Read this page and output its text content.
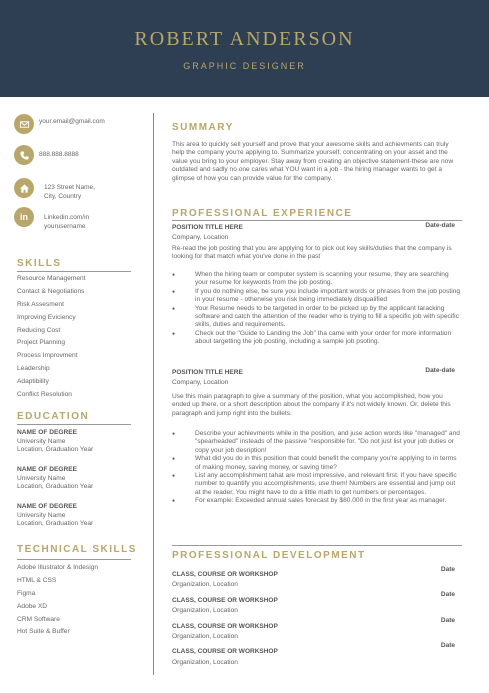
ROBERT ANDERSON
GRAPHIC DESIGNER
your.email@gmail.com
888.888.8888
123 Street Name,
City, Country
in Linkedin.com/in
yourusername
SKILLS
Resource Management
Contact & Negotiations
Risk Assesment
Improving Eviciency
Reducing Cost
Project Planning
Process Improvment
Leadership
Adaptibility
Conflict Resolution
EDUCATION
NAME OF DEGREE
University Name
Location, Graduation Year
NAME OF DEGREE
University Name
Location, Graduation Year
NAME OF DEGREE
University Name
Location, Graduation Year
TECHNICAL SKILLS
Adobe Illustrator & Indesign
HTML & CSS
Figma
Adobe XD
CRM Software
Hot Suite & Buffer
SUMMARY
This area to quickly sell yourself and prove that your awesome skills and achievments can truly help the company you're applying to. Summarize yourself, concentrating on your asset and the value you bring to your employer. Stay away from creating an objective statement-these are now outdated and sadly no one cares what YOU want in a job - the hiring manager wants to get a glimpse of how you can provide value for the company.
PROFESSIONAL EXPERIENCE
POSITION TITLE HERE	Date-date
Company, Location
Re-read the job posting that you are applying for to pick out key skills/duties that the company is looking for that match what you've done in the past
● When the hiring team or computer system is scanning your resume, they are searching your resume for keywords from the job posting.
● If you do nothing else, be sure you include important words or phrases from the job posting in your resume - otherwise you risk being immediately disqualified
● Your Resume needs to be targeted in order to be picked up by the applicant taracking software and catch the attention of the reader who is trying to fill a specific job with specific skills, duties and requirements.
● Check out the "Guide to Landing the Job" tha came with your order for more information about targetting the job posting, including a sample job psoting.
POSITION TITLE HERE	Date-date
Company, Location
Use this main paragraph to give a summary of the position, what you accomplished, how you ended up there, or a short description about the company if it's not widely known. Or, delete this paragraph and jump right into the bullets.
● Describe your achievments while in the position, and juse action words like "managed" and "spearheaded" insteads of the passive "responsible for. "Do not just list your job duties or copy your job desription!
● What did you do in this position that could benefit the company you're applying to in terms of making money, saving money, or saving time?
● List any accomplishment tahat are most impressive, and relevant first. If you have specific number to quantify you accomplishments, use them! Numbers are essential and jump out at the reader. You might have to do a little math to get numbers or percentages.
● For example: Exceeded annual sales forecast by $80.000 in the first year as manager.
PROFESSIONAL DEVELOPMENT
CLASS, COURSE OR WORKSHOP
Date
Organization, Location
CLASS, COURSE OR WORKSHOP
Date
Organization, Location
CLASS, COURSE OR WORKSHOP
Date
Organization, Location
CLASS, COURSE OR WORKSHOP
Date
Organization, Location
